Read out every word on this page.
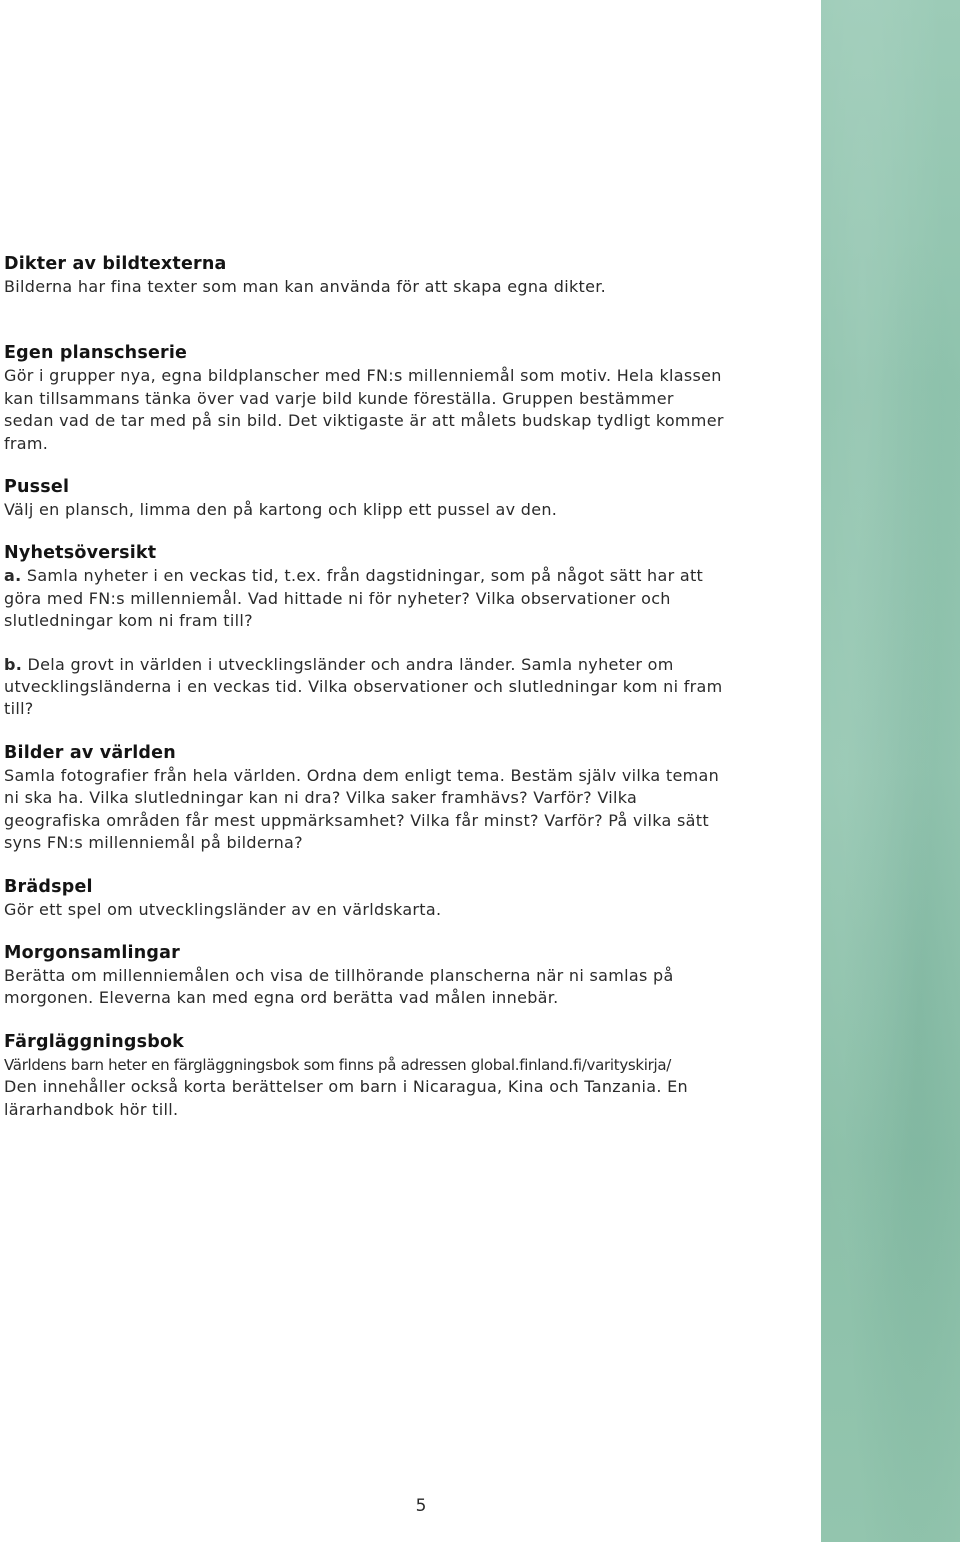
Dikter av bildtexterna

Bilderna har fina texter som man kan använda för att skapa egna dikter.

Egen planschserie

Gör i grupper nya, egna bildplanscher med FN:s millenniemål som motiv. Hela klassen kan tillsammans tänka över vad varje bild kunde föreställa. Gruppen bestämmer sedan vad de tar med på sin bild. Det viktigaste är att målets budskap tydligt kommer fram.

Pussel

Välj en plansch, limma den på kartong och klipp ett pussel av den.

Nyhetsöversikt

a. Samla nyheter i en veckas tid, t.ex. från dagstidningar, som på något sätt har att göra med FN:s millenniemål. Vad hittade ni för nyheter? Vilka observationer och slutledningar kom ni fram till?

b. Dela grovt in världen i utvecklingsländer och andra länder. Samla nyheter om utvecklingsländerna i en veckas tid. Vilka observationer och slutledningar kom ni fram till?

Bilder av världen

Samla fotografier från hela världen. Ordna dem enligt tema. Bestäm själv vilka teman ni ska ha. Vilka slutledningar kan ni dra? Vilka saker framhävs? Varför? Vilka geografiska områden får mest uppmärksamhet? Vilka får minst? Varför? På vilka sätt syns FN:s millenniemål på bilderna?

Brädspel

Gör ett spel om utvecklingsländer av en världskarta.

Morgonsamlingar

Berätta om millenniemålen och visa de tillhörande planscherna när ni samlas på morgonen. Eleverna kan med egna ord berätta vad målen innebär.

Färgläggningsbok

Världens barn heter en färgläggningsbok som finns på adressen global.finland.fi/varityskirja/

Den innehåller också korta berättelser om barn i Nicaragua, Kina och Tanzania. En lärarhandbok hör till.

5
